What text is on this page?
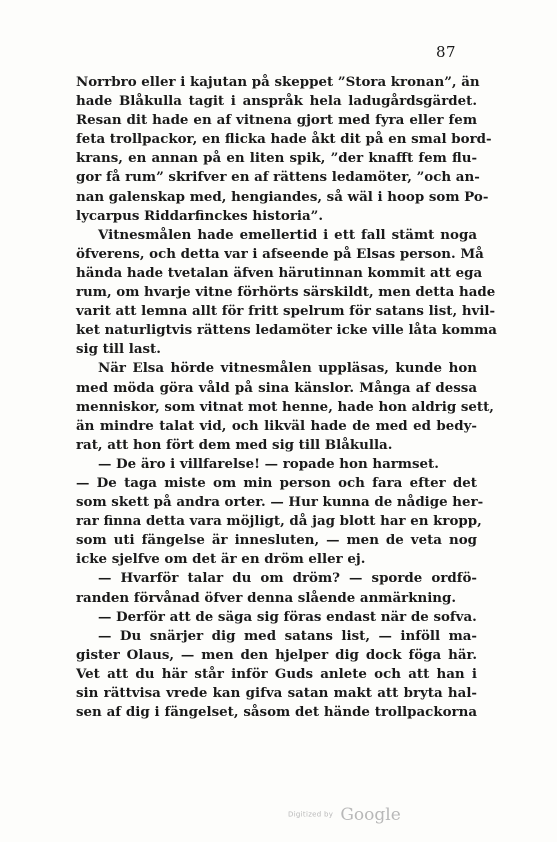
87
Norrbro eller i kajutan på skeppet ”Stora kronan”, än
hade Blåkulla tagit i anspråk hela ladugårdsgärdet.
Resan dit hade en af vitnena gjort med fyra eller fem
feta trollpackor, en flicka hade åkt dit på en smal bord-
krans, en annan på en liten spik, ”der knafft fem flu-
gor få rum” skrifver en af rättens ledamöter, ”och an-
nan galenskap med, hengiandes, så wäl i hoop som Po-
lycarpus Riddarfinckes historia”.
Vitnesmålen hade emellertid i ett fall stämt noga
öfverens, och detta var i afseende på Elsas person. Må
hända hade tvetalan äfven härutinnan kommit att ega
rum, om hvarje vitne förhörts särskildt, men detta hade
varit att lemna allt för fritt spelrum för satans list, hvil-
ket naturligtvis rättens ledamöter icke ville låta komma
sig till last.
När Elsa hörde vitnesmålen uppläsas, kunde hon
med möda göra våld på sina känslor. Många af dessa
menniskor, som vitnat mot henne, hade hon aldrig sett,
än mindre talat vid, och likväl hade de med ed bedy-
rat, att hon fört dem med sig till Blåkulla.
— De äro i villfarelse! — ropade hon harmset.
— De taga miste om min person och fara efter det
som skett på andra orter. — Hur kunna de nådige her-
rar finna detta vara möjligt, då jag blott har en kropp,
som uti fängelse är innesluten, — men de veta nog
icke sjelfve om det är en dröm eller ej.
— Hvarför talar du om dröm? — sporde ordfö-
randen förvånad öfver denna slående anmärkning.
— Derför att de säga sig föras endast när de sofva.
— Du snärjer dig med satans list, — inföll ma-
gister Olaus, — men den hjelper dig dock föga här.
Vet att du här står inför Guds anlete och att han i
sin rättvisa vrede kan gifva satan makt att bryta hal-
sen af dig i fängelset, såsom det hände trollpackorna
Digitized by Google
